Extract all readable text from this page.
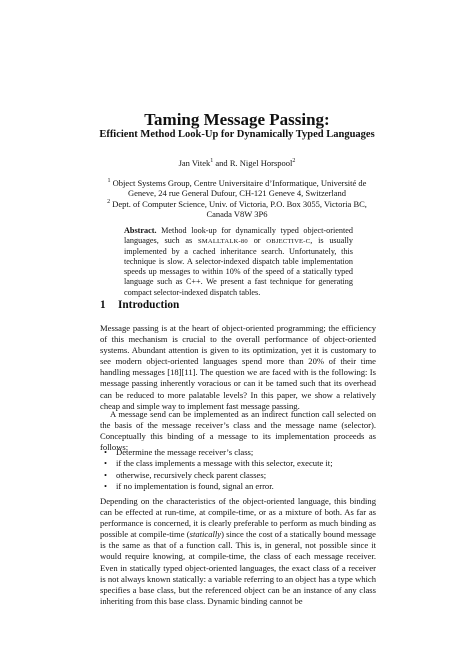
Taming Message Passing:
Efficient Method Look-Up for Dynamically Typed Languages
Jan Vitek$^1$ and R. Nigel Horspool$^2$
$^1$ Object Systems Group, Centre Universitaire d’Informatique, Université de Geneve, 24 rue General Dufour, CH-121 Geneve 4, Switzerland
$^2$ Dept. of Computer Science, Univ. of Victoria, P.O. Box 3055, Victoria BC, Canada V8W 3P6
Abstract. Method look-up for dynamically typed object-oriented languages, such as SMALLTALK-80 or OBJECTIVE-C, is usually implemented by a cached inheritance search. Unfortunately, this technique is slow. A selector-indexed dispatch table implementation speeds up messages to within 10% of the speed of a statically typed language such as C++. We present a fast technique for generating compact selector-indexed dispatch tables.
1 Introduction
Message passing is at the heart of object-oriented programming; the efficiency of this mechanism is crucial to the overall performance of object-oriented systems. Abundant attention is given to its optimization, yet it is customary to see modern object-oriented languages spend more than 20% of their time handling messages [18][11]. The question we are faced with is the following: Is message passing inherently voracious or can it be tamed such that its overhead can be reduced to more palatable levels? In this paper, we show a relatively cheap and simple way to implement fast message passing.
A message send can be implemented as an indirect function call selected on the basis of the message receiver’s class and the message name (selector). Conceptually this binding of a message to its implementation proceeds as follows:
• Determine the message receiver’s class;
• if the class implements a message with this selector, execute it;
• otherwise, recursively check parent classes;
• if no implementation is found, signal an error.
Depending on the characteristics of the object-oriented language, this binding can be effected at run-time, at compile-time, or as a mixture of both. As far as performance is concerned, it is clearly preferable to perform as much binding as possible at compile-time (statically) since the cost of a statically bound message is the same as that of a function call. This is, in general, not possible since it would require knowing, at compile-time, the class of each message receiver. Even in statically typed object-oriented languages, the exact class of a receiver is not always known statically: a variable referring to an object has a type which specifies a base class, but the referenced object can be an instance of any class inheriting from this base class. Dynamic binding cannot be
